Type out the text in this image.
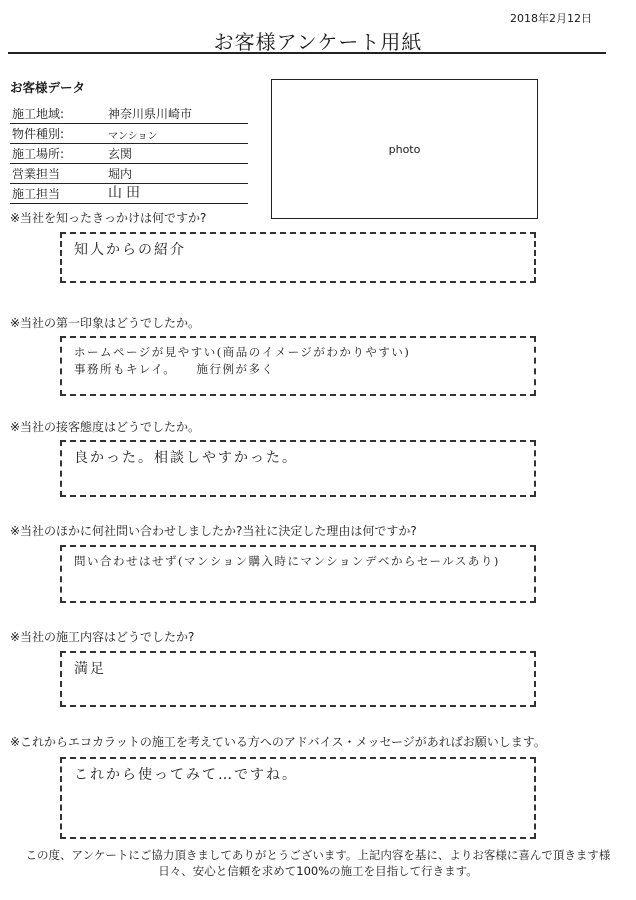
2018年2月12日
お客様アンケート用紙
お客様データ
施工地域:	神奈川県川崎市
物件種別:	マンション
施工場所:	玄関
営業担当	堀内
施工担当	山田
photo
※当社を知ったきっかけは何ですか?
知人からの紹介
※当社の第一印象はどうでしたか。
ホームページが見やすい(商品のイメージがわかりやすい)
事務所もキレイ。　　施行例が多く
※当社の接客態度はどうでしたか。
良かった。相談しやすかった。
※当社のほかに何社問い合わせしましたか?当社に決定した理由は何ですか?
問い合わせはせず(マンション購入時にマンションデベからセールスあり)
※当社の施工内容はどうでしたか?
満足
※これからエコカラットの施工を考えている方へのアドバイス・メッセージがあればお願いします。
これから使ってみて…ですね。
この度、アンケートにご協力頂きましてありがとうございます。上記内容を基に、よりお客様に喜んで頂きます様
日々、安心と信頼を求めて100%の施工を目指して行きます。
